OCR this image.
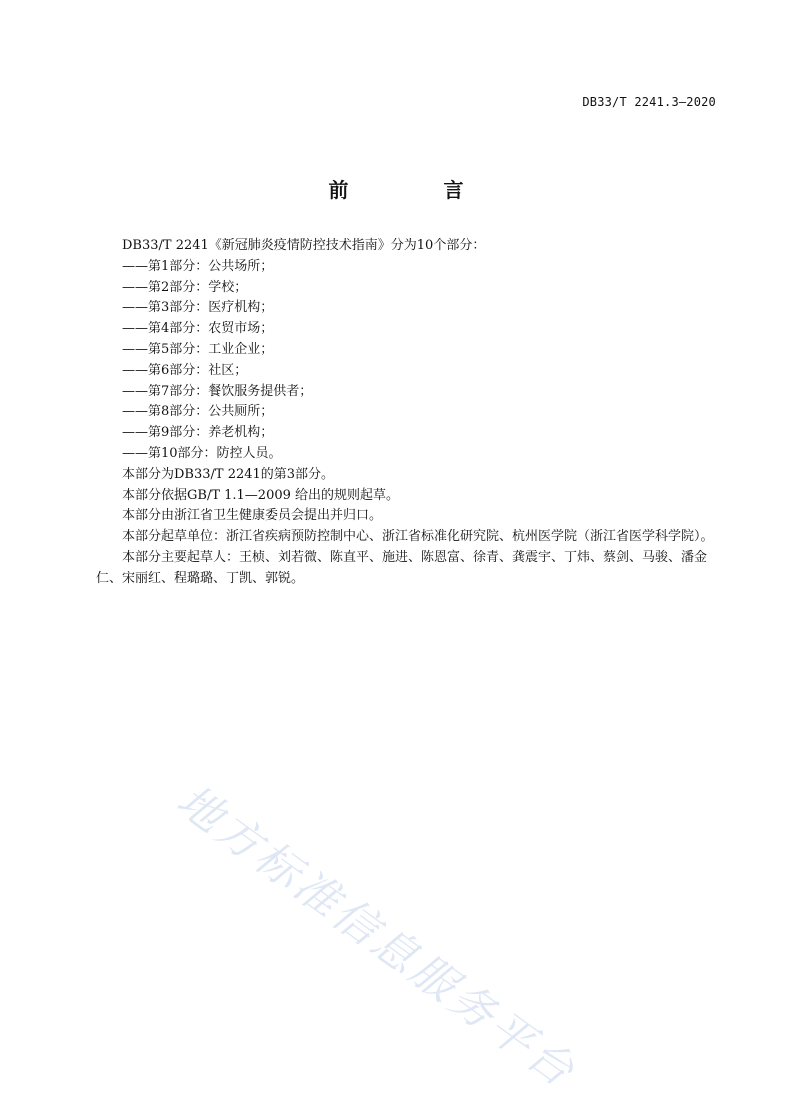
DB33/T 2241.3—2020
前 言

DB33/T 2241《新冠肺炎疫情防控技术指南》分为10个部分：

——第1部分：公共场所；

——第2部分：学校；

——第3部分：医疗机构；

——第4部分：农贸市场；

——第5部分：工业企业；

——第6部分：社区；

——第7部分：餐饮服务提供者；

——第8部分：公共厕所；

——第9部分：养老机构；

——第10部分：防控人员。

本部分为DB33/T 2241的第3部分。

本部分依据GB/T 1.1—2009 给出的规则起草。

本部分由浙江省卫生健康委员会提出并归口。

本部分起草单位：浙江省疾病预防控制中心、浙江省标准化研究院、杭州医学院（浙江省医学科学院）。

本部分主要起草人：王桢、刘若微、陈直平、施进、陈恩富、徐青、龚震宇、丁炜、蔡剑、马骏、潘金仁、宋丽红、程璐璐、丁凯、郭锐。

地方标准信息服务平台
